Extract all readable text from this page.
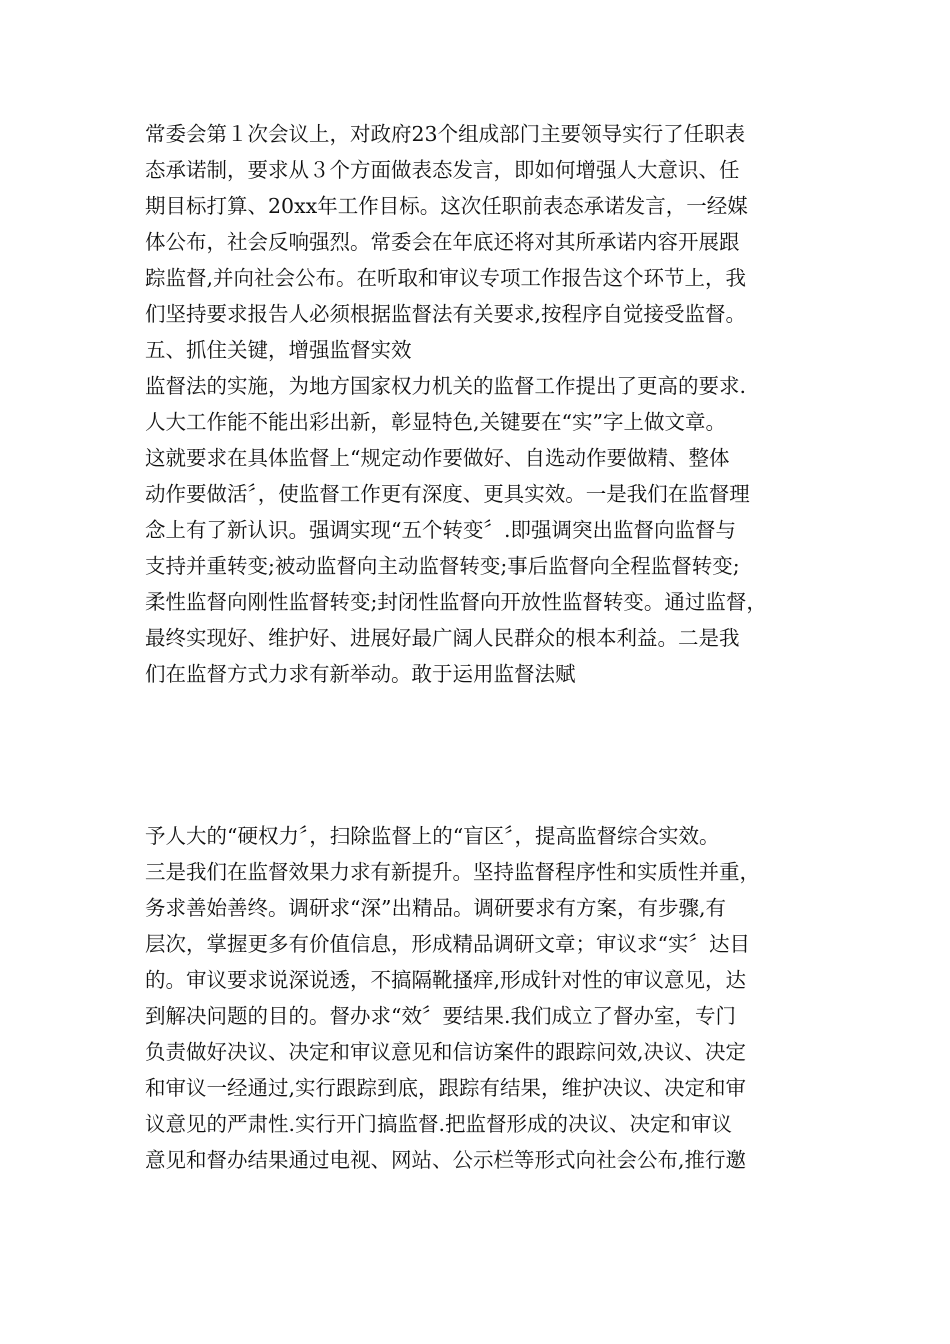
常委会第１次会议上，对政府23个组成部门主要领导实行了任职表
态承诺制，要求从３个方面做表态发言，即如何增强人大意识、任
期目标打算、20xx年工作目标。这次任职前表态承诺发言，一经媒
体公布，社会反响强烈。常委会在年底还将对其所承诺内容开展跟
踪监督,并向社会公布。在听取和审议专项工作报告这个环节上，我
们坚持要求报告人必须根据监督法有关要求,按程序自觉接受监督。
五、抓住关键，增强监督实效
监督法的实施，为地方国家权力机关的监督工作提出了更高的要求.
人大工作能不能出彩出新，彰显特色,关键要在“实”字上做文章。
这就要求在具体监督上“规定动作要做好、自选动作要做精、整体
动作要做活〞，使监督工作更有深度、更具实效。一是我们在监督理
念上有了新认识。强调实现“五个转变〞.即强调突出监督向监督与
支持并重转变;被动监督向主动监督转变;事后监督向全程监督转变;
柔性监督向刚性监督转变;封闭性监督向开放性监督转变。通过监督，
最终实现好、维护好、进展好最广阔人民群众的根本利益。二是我
们在监督方式力求有新举动。敢于运用监督法赋
予人大的“硬权力〞，扫除监督上的“盲区〞，提高监督综合实效。
三是我们在监督效果力求有新提升。坚持监督程序性和实质性并重，
务求善始善终。调研求“深”出精品。调研要求有方案，有步骤,有
层次，掌握更多有价值信息，形成精品调研文章；审议求“实〞达目
的。审议要求说深说透，不搞隔靴搔痒,形成针对性的审议意见，达
到解决问题的目的。督办求“效〞要结果.我们成立了督办室，专门
负责做好决议、决定和审议意见和信访案件的跟踪问效,决议、决定
和审议一经通过,实行跟踪到底，跟踪有结果，维护决议、决定和审
议意见的严肃性.实行开门搞监督.把监督形成的决议、决定和审议
意见和督办结果通过电视、网站、公示栏等形式向社会公布,推行邀
